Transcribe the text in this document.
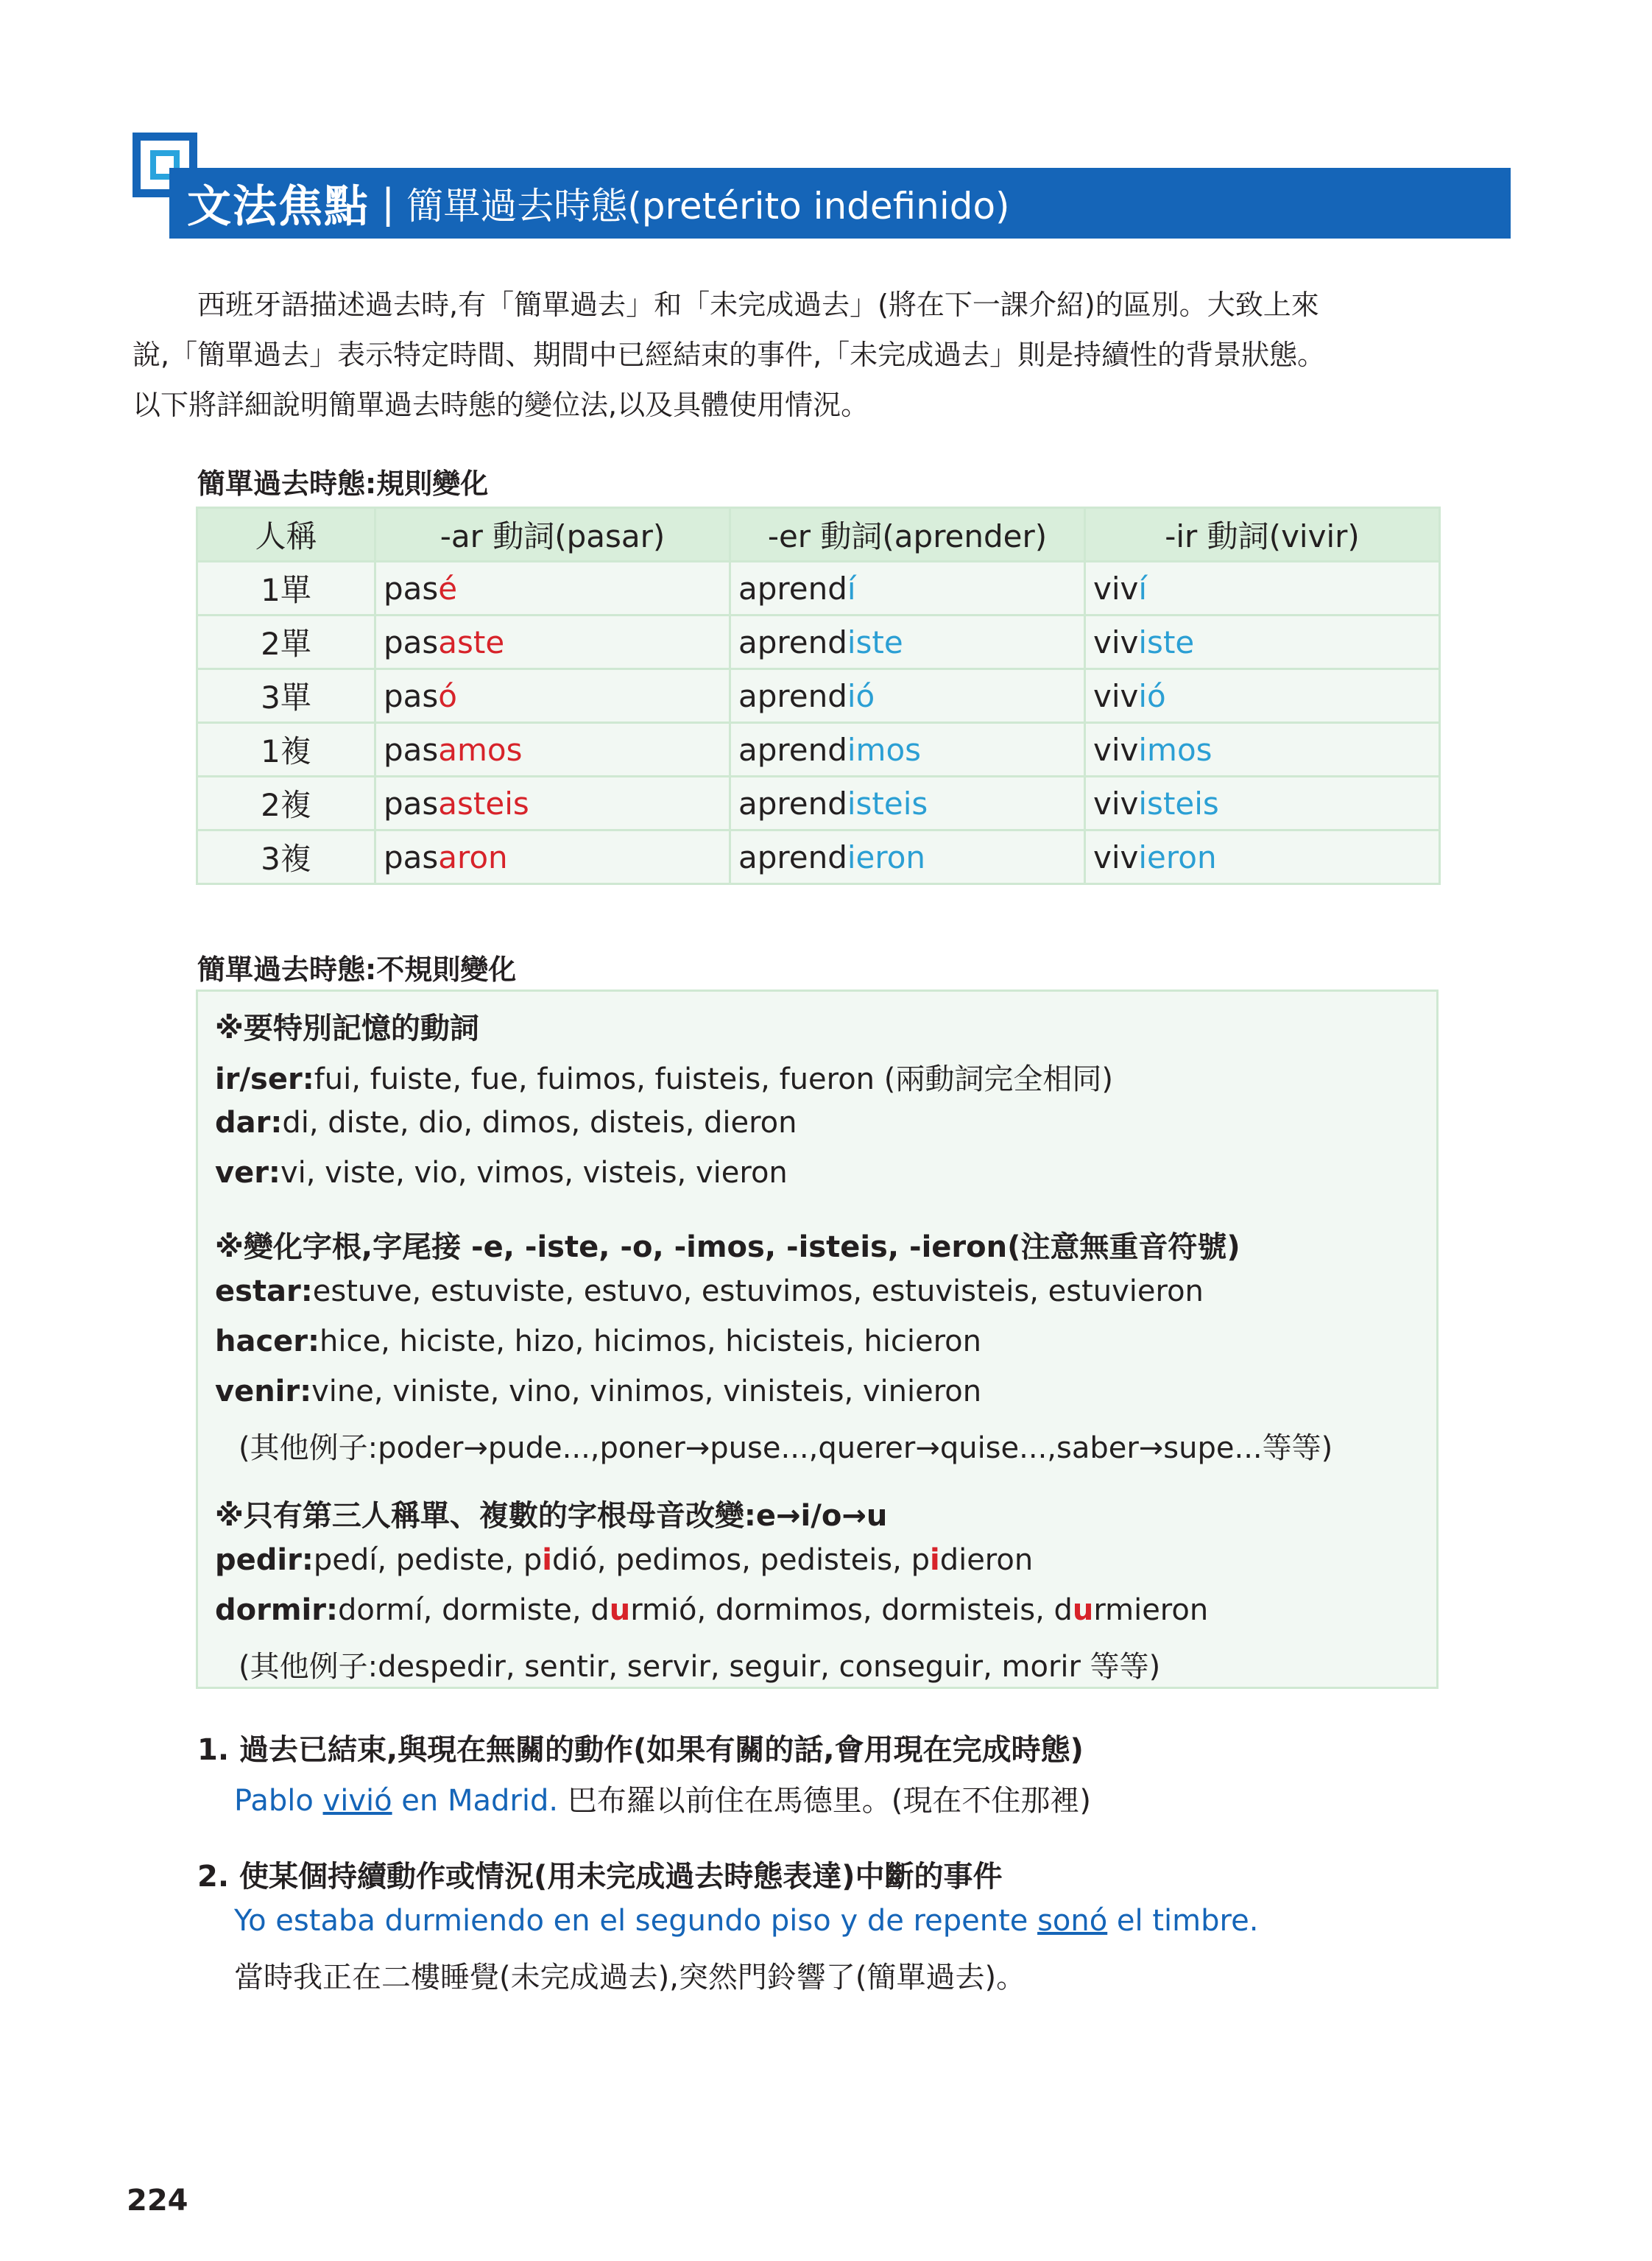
文法焦點 | 簡單過去時態(pretérito indefinido)

西班牙語描述過去時,有「簡單過去」和「未完成過去」(將在下一課介紹)的區別。大致上來

說,「簡單過去」表示特定時間、期間中已經結束的事件,「未完成過去」則是持續性的背景狀態。

以下將詳細說明簡單過去時態的變位法,以及具體使用情況。

簡單過去時態:規則變化
人稱	-ar 動詞(pasar)	-er 動詞(aprender)	-ir 動詞(vivir)
1單	pasé	aprendí	viví
2單	pasaste	aprendiste	viviste
3單	pasó	aprendió	vivió
1複	pasamos	aprendimos	vivimos
2複	pasasteis	aprendisteis	vivisteis
3複	pasaron	aprendieron	vivieron
簡單過去時態:不規則變化
※要特別記憶的動詞
ir/ser:fui, fuiste, fue, fuimos, fuisteis, fueron (兩動詞完全相同)
dar:di, diste, dio, dimos, disteis, dieron
ver:vi, viste, vio, vimos, visteis, vieron
※變化字根,字尾接 -e, -iste, -o, -imos, -isteis, -ieron(注意無重音符號)
estar:estuve, estuviste, estuvo, estuvimos, estuvisteis, estuvieron
hacer:hice, hiciste, hizo, hicimos, hicisteis, hicieron
venir:vine, viniste, vino, vinimos, vinisteis, vinieron
(其他例子:poder→pude...,poner→puse...,querer→quise...,saber→supe...等等)
※只有第三人稱單、複數的字根母音改變:e→i/o→u
pedir:pedí, pediste, pidió, pedimos, pedisteis, pidieron
dormir:dormí, dormiste, durmió, dormimos, dormisteis, durmieron
(其他例子:despedir, sentir, servir, seguir, conseguir, morir 等等)
1. 過去已結束,與現在無關的動作(如果有關的話,會用現在完成時態)
Pablo vivió en Madrid. 巴布羅以前住在馬德里。(現在不住那裡)
2. 使某個持續動作或情況(用未完成過去時態表達)中斷的事件
Yo estaba durmiendo en el segundo piso y de repente sonó el timbre.
當時我正在二樓睡覺(未完成過去),突然門鈴響了(簡單過去)。
224
